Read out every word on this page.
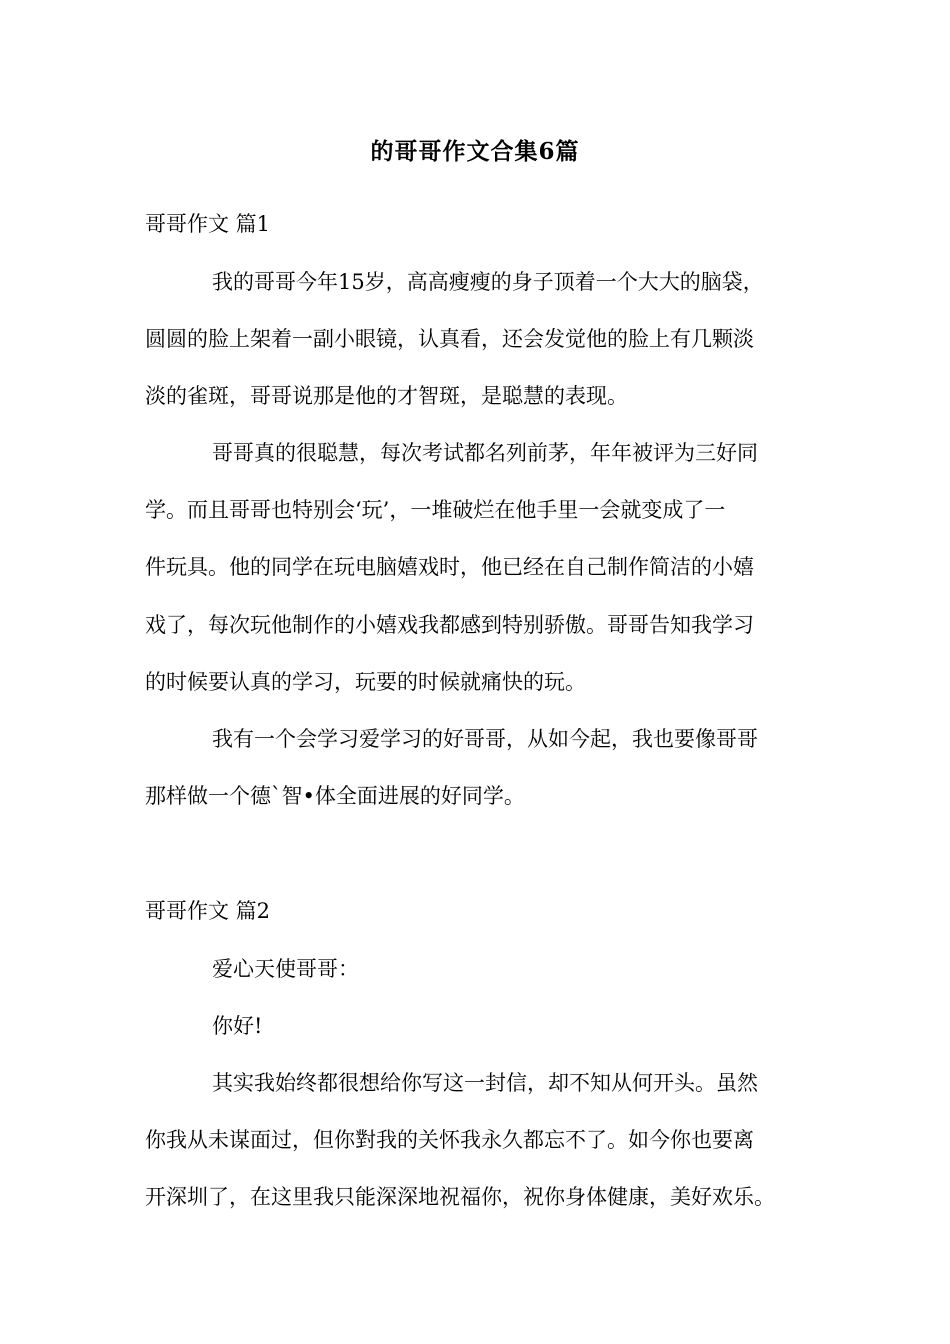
的哥哥作文合集6篇
哥哥作文 篇1
我的哥哥今年15岁，高高瘦瘦的身子顶着一个大大的脑袋，
圆圆的脸上架着一副小眼镜，认真看，还会发觉他的脸上有几颗淡
淡的雀斑，哥哥说那是他的才智斑，是聪慧的表现。
哥哥真的很聪慧，每次考试都名列前茅，年年被评为三好同
学。而且哥哥也特别会‘玩’，一堆破烂在他手里一会就变成了一
件玩具。他的同学在玩电脑嬉戏时，他已经在自己制作简洁的小嬉
戏了，每次玩他制作的小嬉戏我都感到特别骄傲。哥哥告知我学习
的时候要认真的学习，玩要的时候就痛快的玩。
我有一个会学习爱学习的好哥哥，从如今起，我也要像哥哥
那样做一个德`智•体全面进展的好同学。
哥哥作文 篇2
爱心天使哥哥：
你好!
其实我始终都很想给你写这一封信，却不知从何开头。虽然
你我从未谋面过，但你對我的关怀我永久都忘不了。如今你也要离
开深圳了，在这里我只能深深地祝福你，祝你身体健康，美好欢乐。
